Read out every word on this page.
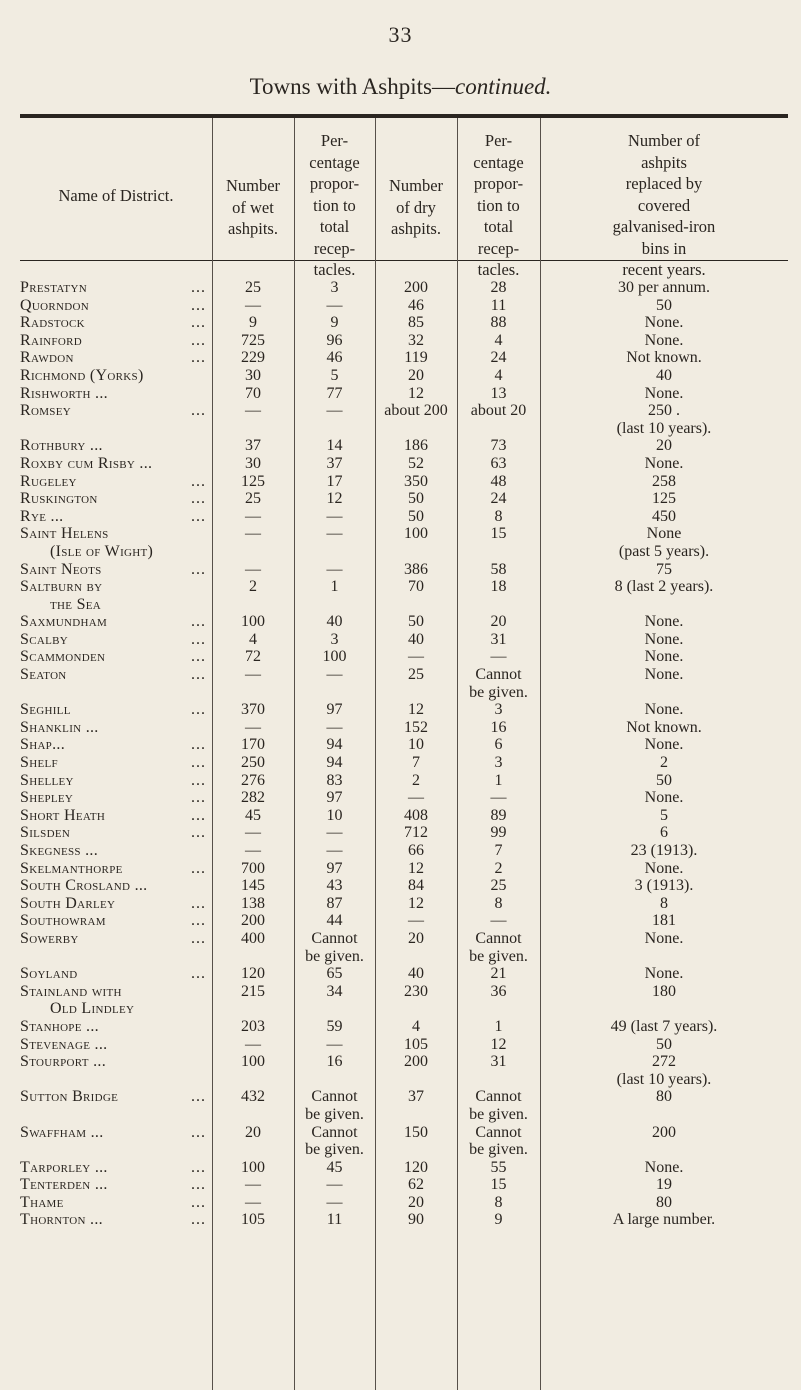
33
Towns with Ashpits—continued.
Name of District.
Number
of wet
ashpits.
Per-
centage
propor-
tion to
total
recep-
tacles.
Number
of dry
ashpits.
Per-
centage
propor-
tion to
total
recep-
tacles.
Number of
ashpits
replaced by
covered
galvanised-iron
bins in
recent years.
Prestatyn	...	25	3	200	28	30 per annum.
Quorndon	...	—	—	46	11	50
Radstock	...	9	9	85	88	None.
Rainford	...	725	96	32	4	None.
Rawdon	...	229	46	119	24	Not known.
Richmond (Yorks)	30	5	20	4	40
Rishworth ...	70	77	12	13	None.
Romsey	...	—	—	about 200	about 20	250 .
(last 10 years).
Rothbury ...	37	14	186	73	20
Roxby cum Risby ...	30	37	52	63	None.
Rugeley	...	125	17	350	48	258
Ruskington	...	25	12	50	24	125
Rye ...	...	—	—	50	8	450
Saint Helens	—	—	100	15	None
(Isle of Wight)	(past 5 years).
Saint Neots	...	—	—	386	58	75
Saltburn by	2	1	70	18	8 (last 2 years).
the Sea
Saxmundham	...	100	40	50	20	None.
Scalby	...	4	3	40	31	None.
Scammonden	...	72	100	—	—	None.
Seaton	...	—	—	25	Cannot	None.
be given.
Seghill	...	370	97	12	3	None.
Shanklin ...	—	—	152	16	Not known.
Shap...	...	170	94	10	6	None.
Shelf	...	250	94	7	3	2
Shelley	...	276	83	2	1	50
Shepley	...	282	97	—	—	None.
Short Heath	...	45	10	408	89	5
Silsden	...	—	—	712	99	6
Skegness ...	—	—	66	7	23 (1913).
Skelmanthorpe	...	700	97	12	2	None.
South Crosland ...	145	43	84	25	3 (1913).
South Darley	...	138	87	12	8	8
Southowram	...	200	44	—	—	181
Sowerby	...	400	Cannot	20	Cannot	None.
be given.	be given.
Soyland	...	120	65	40	21	None.
Stainland with	215	34	230	36	180
Old Lindley
Stanhope ...	203	59	4	1	49 (last 7 years).
Stevenage ...	—	—	105	12	50
Stourport ...	100	16	200	31	272
(last 10 years).
Sutton Bridge	...	432	Cannot	37	Cannot	80
be given.	be given.
Swaffham ...	...	20	Cannot	150	Cannot	200
be given.	be given.
Tarporley ...	...	100	45	120	55	None.
Tenterden ...	...	—	—	62	15	19
Thame	...	—	—	20	8	80
Thornton ...	...	105	11	90	9	A large number.
